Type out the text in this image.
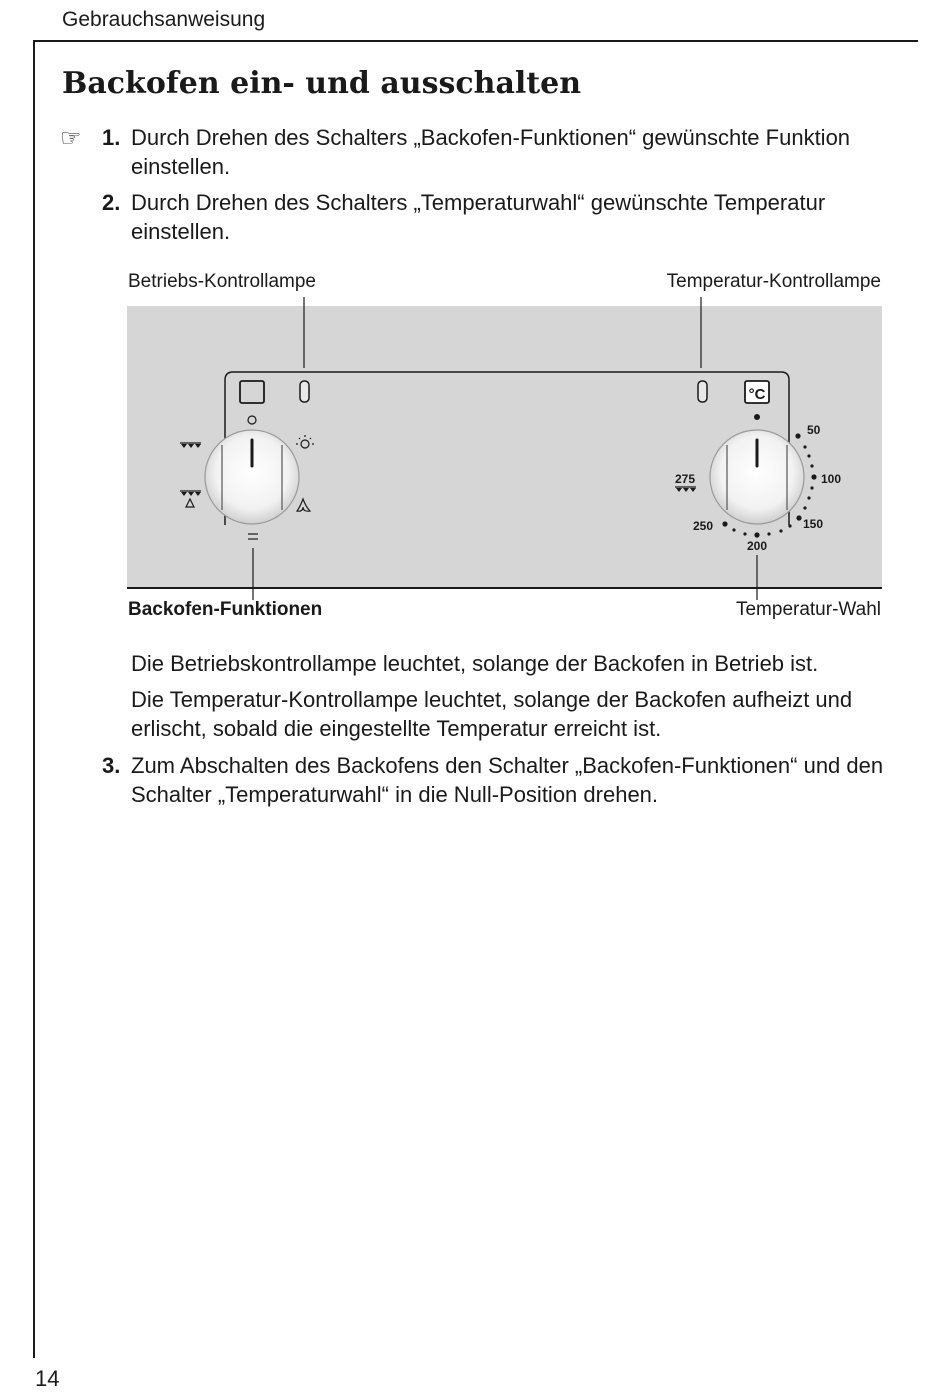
Gebrauchsanweisung
Backofen ein- und ausschalten
☞ 1. Durch Drehen des Schalters „Backofen-Funktionen“ gewünschte Funktion einstellen.
2. Durch Drehen des Schalters „Temperaturwahl“ gewünschte Temperatur einstellen.
Betriebs-Kontrollampe	Temperatur-Kontrollampe
Backofen-Funktionen	Temperatur-Wahl
°C
50
100
150
200
250
275
Die Betriebskontrollampe leuchtet, solange der Backofen in Betrieb ist.
Die Temperatur-Kontrollampe leuchtet, solange der Backofen aufheizt und erlischt, sobald die eingestellte Temperatur erreicht ist.
3. Zum Abschalten des Backofens den Schalter „Backofen-Funktionen“ und den Schalter „Temperaturwahl“ in die Null-Position drehen.
14
